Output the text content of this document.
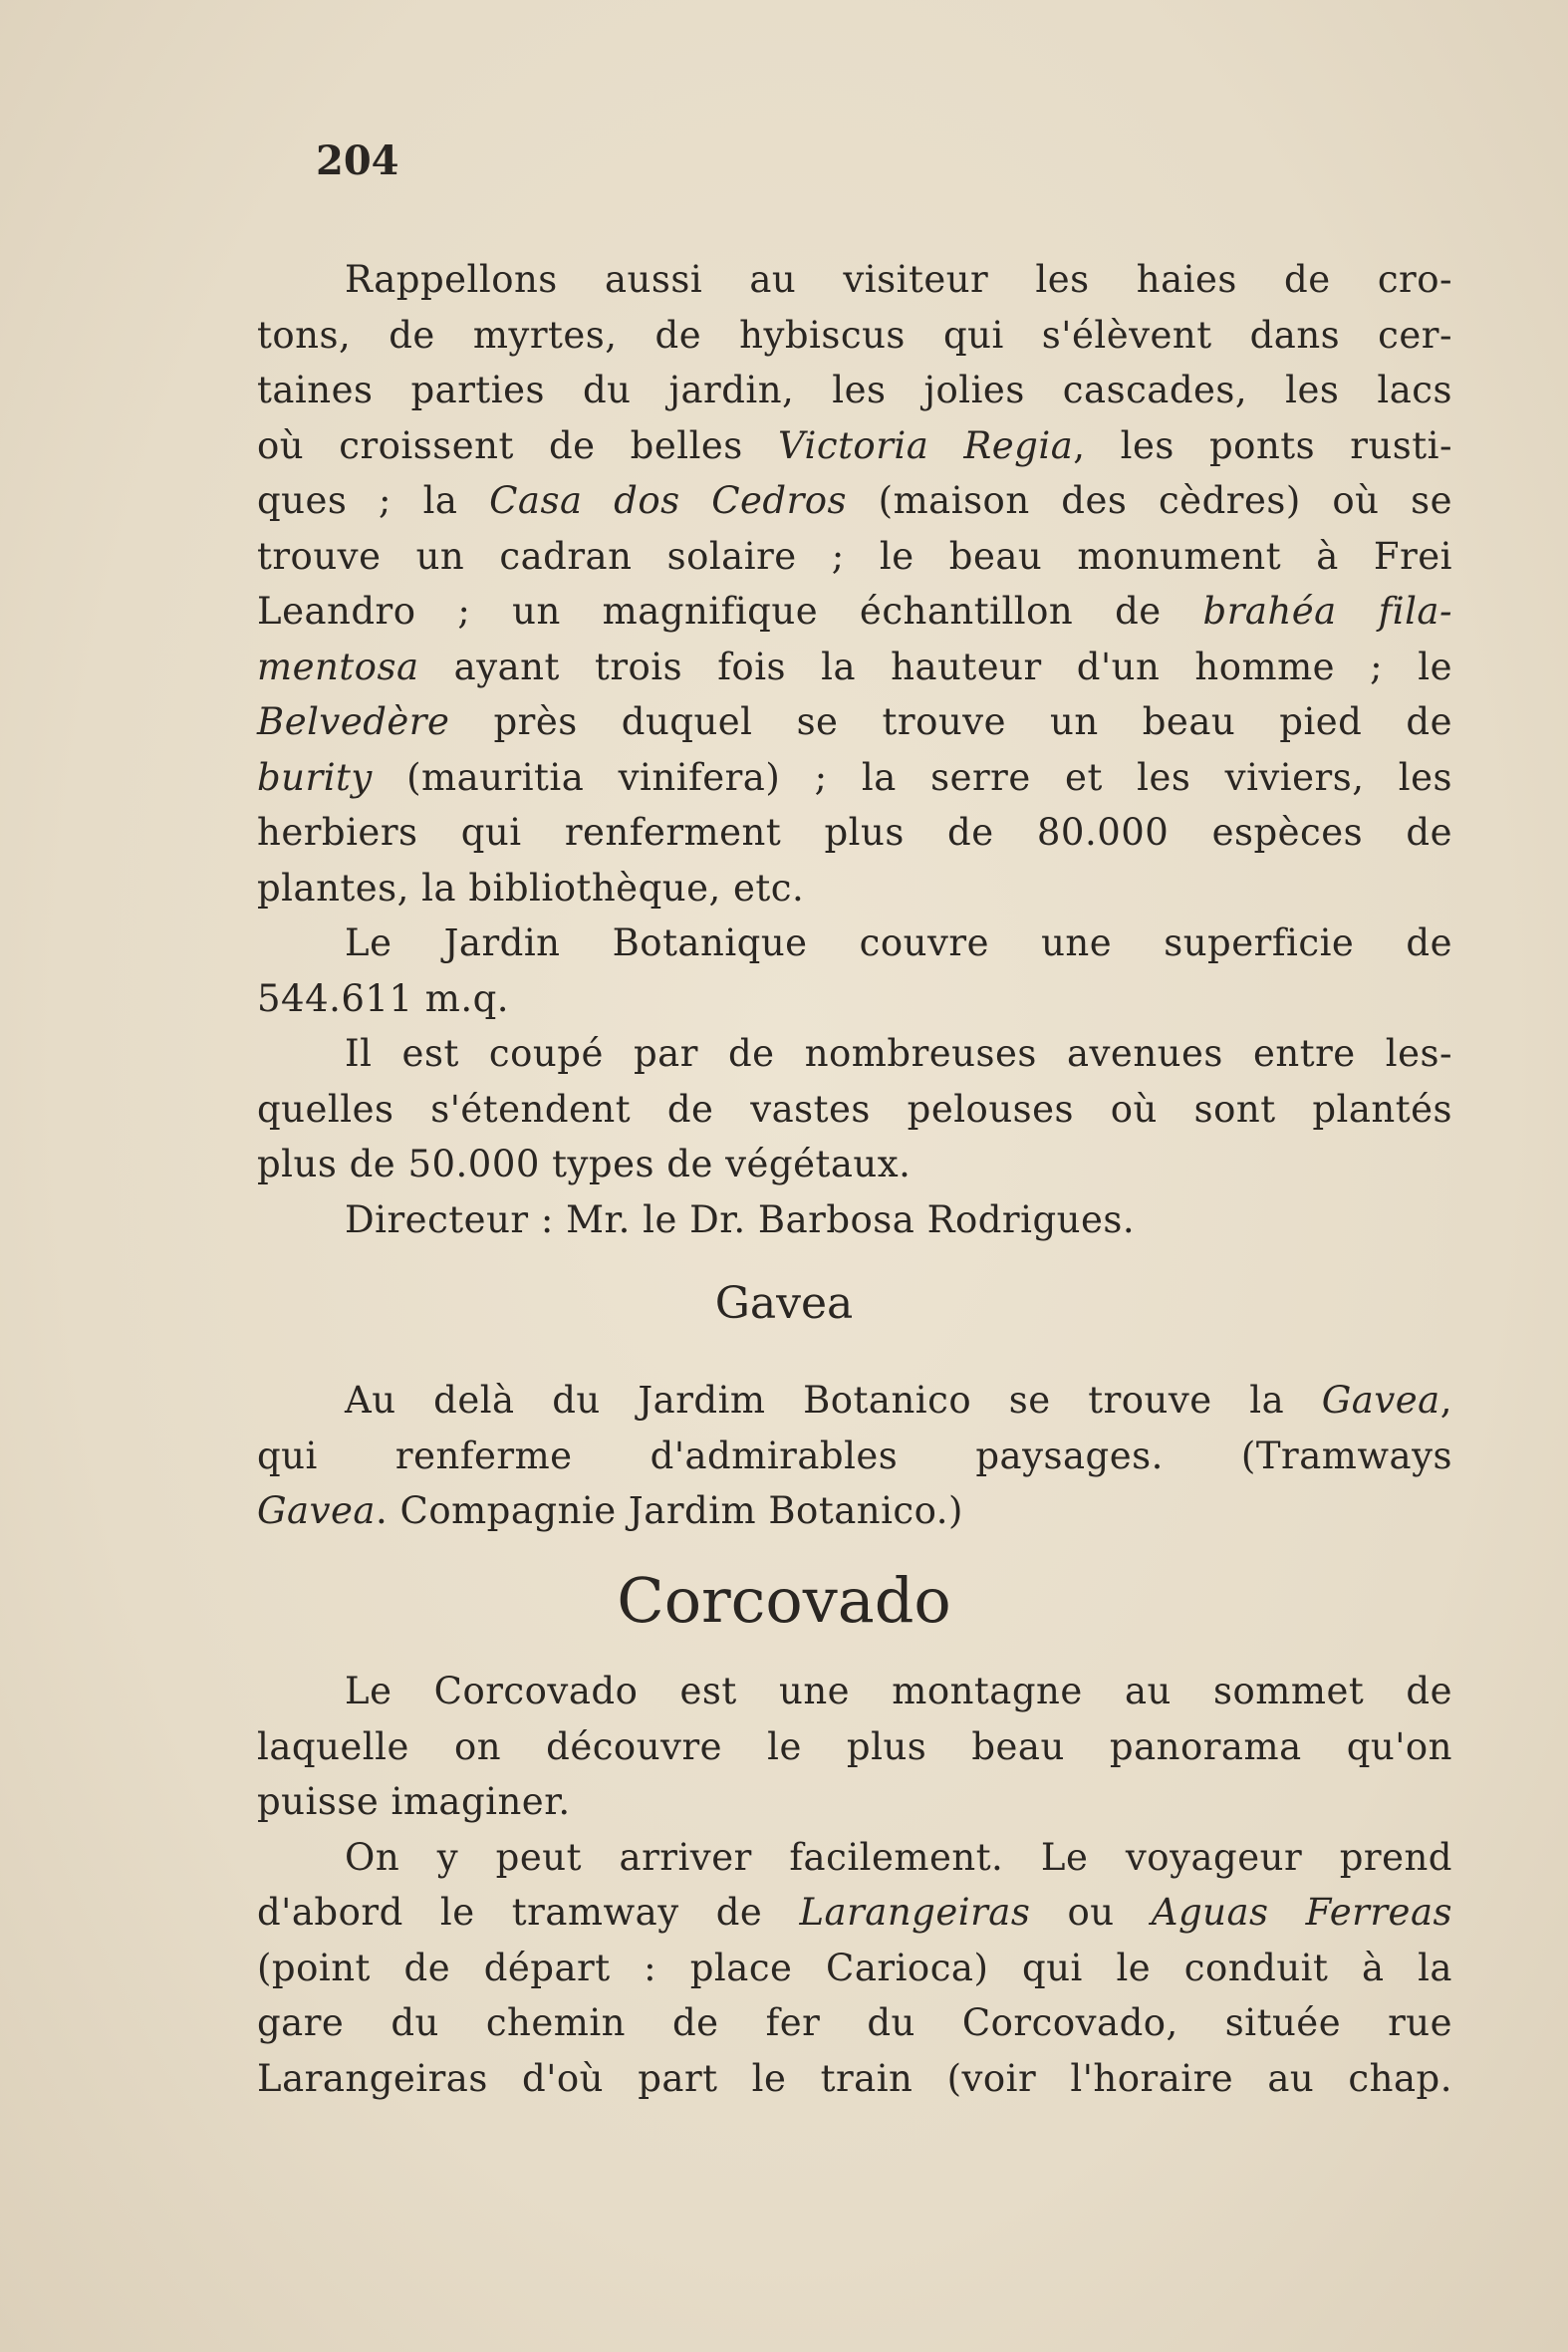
204
Rappellons aussi au visiteur les haies de cro-
tons, de myrtes, de hybiscus qui s'élèvent dans cer-
taines parties du jardin, les jolies cascades, les lacs
où croissent de belles Victoria Regia, les ponts rusti-
ques ; la Casa dos Cedros (maison des cèdres) où se
trouve un cadran solaire ; le beau monument à Frei
Leandro ; un magnifique échantillon de brahéa fila-
mentosa ayant trois fois la hauteur d'un homme ; le
Belvedère près duquel se trouve un beau pied de
burity (mauritia vinifera) ; la serre et les viviers, les
herbiers qui renferment plus de 80.000 espèces de
plantes, la bibliothèque, etc.
Le Jardin Botanique couvre une superficie de
544.611 m.q.
Il est coupé par de nombreuses avenues entre les-
quelles s'étendent de vastes pelouses où sont plantés
plus de 50.000 types de végétaux.
Directeur : Mr. le Dr. Barbosa Rodrigues.
Gavea
Au delà du Jardim Botanico se trouve la Gavea,
qui renferme d'admirables paysages. (Tramways
Gavea. Compagnie Jardim Botanico.)
Corcovado
Le Corcovado est une montagne au sommet de
laquelle on découvre le plus beau panorama qu'on
puisse imaginer.
On y peut arriver facilement. Le voyageur prend
d'abord le tramway de Larangeiras ou Aguas Ferreas
(point de départ : place Carioca) qui le conduit à la
gare du chemin de fer du Corcovado, située rue
Larangeiras d'où part le train (voir l'horaire au chap.
